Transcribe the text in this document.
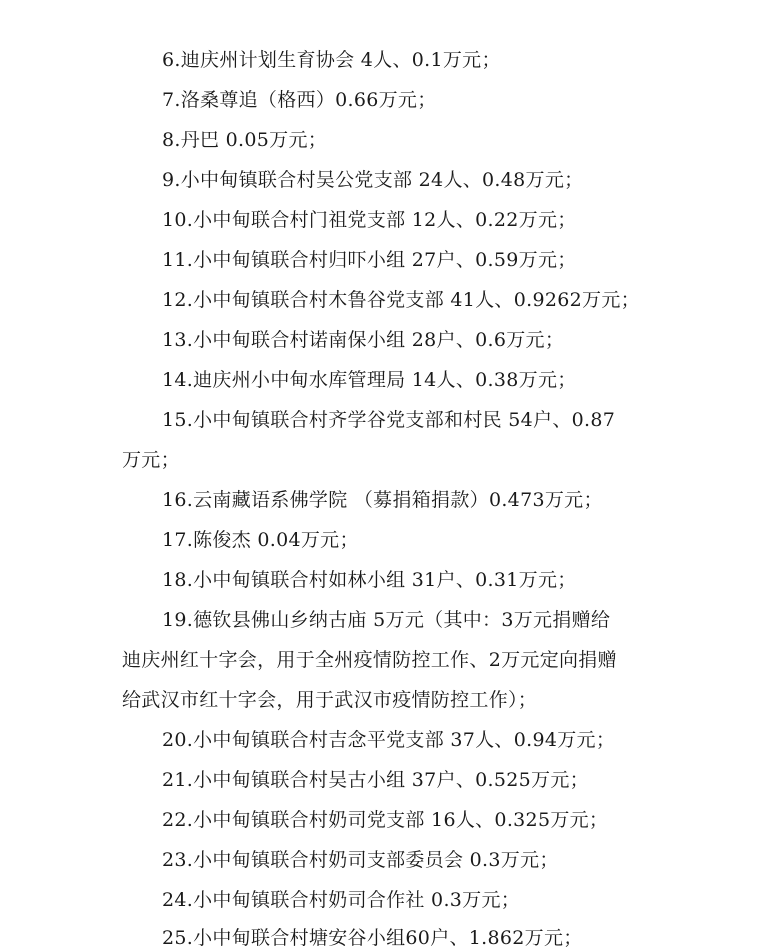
6.迪庆州计划生育协会 4人、0.1万元；
7.洛桑尊追（格西）0.66万元；
8.丹巴 0.05万元；
9.小中甸镇联合村吴公党支部 24人、0.48万元；
10.小中甸联合村门祖党支部 12人、0.22万元；
11.小中甸镇联合村归吓小组 27户、0.59万元；
12.小中甸镇联合村木鲁谷党支部 41人、0.9262万元；
13.小中甸联合村诺南保小组 28户、0.6万元；
14.迪庆州小中甸水库管理局 14人、0.38万元；
15.小中甸镇联合村齐学谷党支部和村民 54户、0.87
万元；
16.云南藏语系佛学院 （募捐箱捐款）0.473万元；
17.陈俊杰 0.04万元；
18.小中甸镇联合村如林小组 31户、0.31万元；
19.德钦县佛山乡纳古庙 5万元（其中：3万元捐赠给
迪庆州红十字会，用于全州疫情防控工作、2万元定向捐赠
给武汉市红十字会，用于武汉市疫情防控工作）；
20.小中甸镇联合村吉念平党支部 37人、0.94万元；
21.小中甸镇联合村吴古小组 37户、0.525万元；
22.小中甸镇联合村奶司党支部 16人、0.325万元；
23.小中甸镇联合村奶司支部委员会 0.3万元；
24.小中甸镇联合村奶司合作社 0.3万元；
25.小中甸联合村塘安谷小组60户、1.862万元；
